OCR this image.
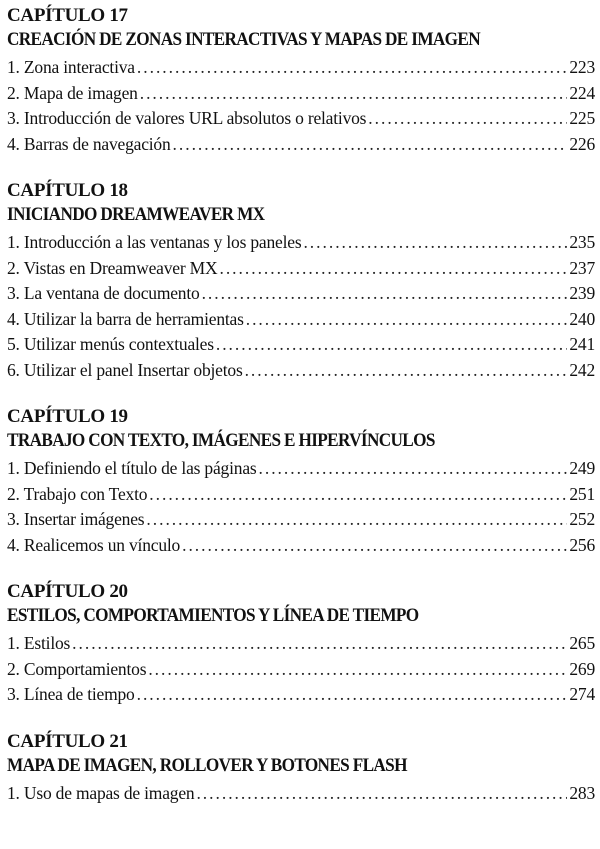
CAPÍTULO 17
CREACIÓN DE ZONAS INTERACTIVAS Y MAPAS DE IMAGEN
1. Zona interactiva . . .	223
2. Mapa de imagen . . .	224
3. Introducción de valores URL absolutos o relativos . . .	225
4. Barras de navegación . . .	226
CAPÍTULO 18
INICIANDO DREAMWEAVER MX
1. Introducción a las ventanas y los paneles . . .	235
2. Vistas en Dreamweaver MX . . .	237
3. La ventana de documento . . .	239
4. Utilizar la barra de herramientas . . .	240
5. Utilizar menús contextuales . . .	241
6. Utilizar el panel Insertar objetos . . .	242
CAPÍTULO 19
TRABAJO CON TEXTO, IMÁGENES E HIPERVÍNCULOS
1. Definiendo el título de las páginas . . .	249
2. Trabajo con Texto . . .	251
3. Insertar imágenes . . .	252
4. Realicemos un vínculo . . .	256
CAPÍTULO 20
ESTILOS, COMPORTAMIENTOS Y LÍNEA DE TIEMPO
1. Estilos . . .	265
2. Comportamientos . . .	269
3. Línea de tiempo . . .	274
CAPÍTULO 21
MAPA DE IMAGEN, ROLLOVER Y BOTONES FLASH
1. Uso de mapas de imagen . . .	283
